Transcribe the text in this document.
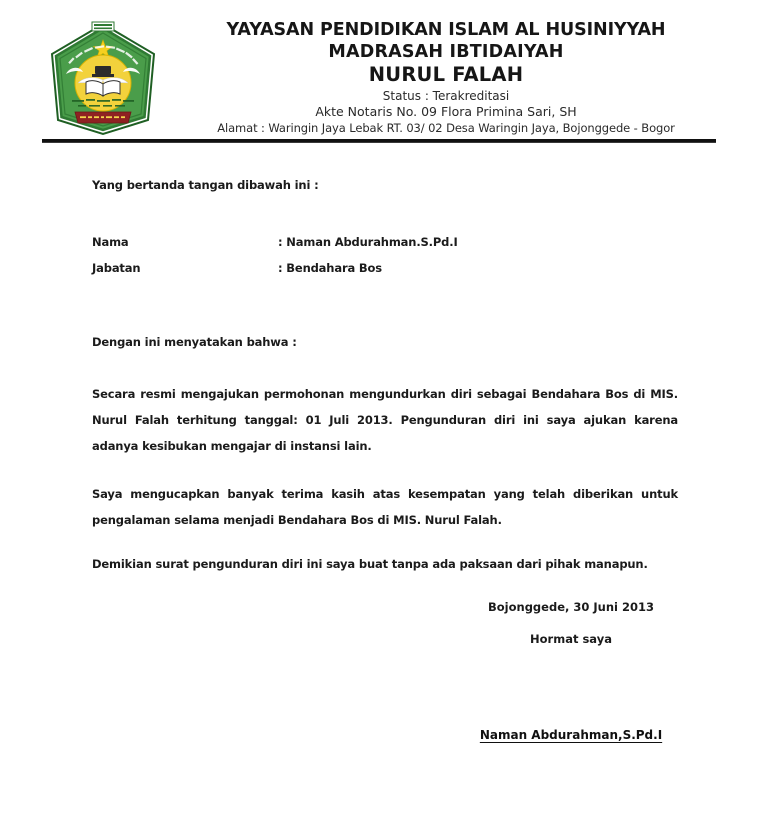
YAYASAN PENDIDIKAN ISLAM AL HUSINIYYAH
MADRASAH IBTIDAIYAH
NURUL FALAH
Status : Terakreditasi
Akte Notaris No. 09 Flora Primina Sari, SH
Alamat : Waringin Jaya Lebak RT. 03/ 02 Desa Waringin Jaya, Bojonggede - Bogor
Yang bertanda tangan dibawah ini :
Nama	: Naman Abdurahman.S.Pd.I
Jabatan	: Bendahara Bos
Dengan ini menyatakan bahwa :
Secara resmi mengajukan permohonan mengundurkan diri sebagai Bendahara Bos di MIS. Nurul Falah terhitung tanggal: 01 Juli 2013. Pengunduran diri ini saya ajukan karena adanya kesibukan mengajar di instansi lain.
Saya mengucapkan banyak terima kasih atas kesempatan yang telah diberikan untuk pengalaman selama menjadi Bendahara Bos di MIS. Nurul Falah.
Demikian surat pengunduran diri ini saya buat tanpa ada paksaan dari pihak manapun.
Bojonggede, 30 Juni 2013
Hormat saya
Naman Abdurahman,S.Pd.I
